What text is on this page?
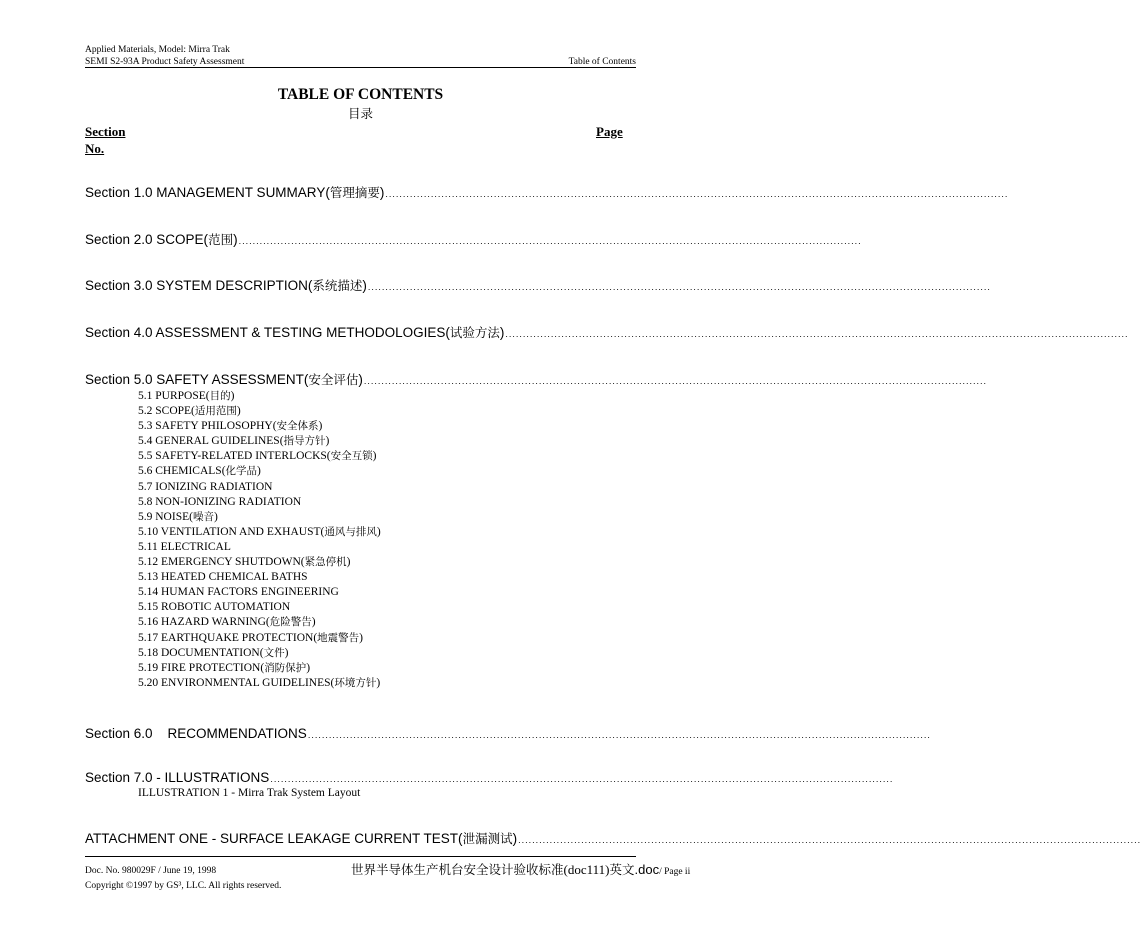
Applied Materials, Model: Mirra Trak
SEMI S2-93A Product Safety Assessment	Table of Contents
TABLE OF CONTENTS
目录
Section
No.
Page
Section 1.0 MANAGEMENT SUMMARY(管理摘要) ..................................................................................................................................................................................
Section 2.0 SCOPE(范围) ..................................................................................................................................................................................
Section 3.0 SYSTEM DESCRIPTION(系统描述) ..................................................................................................................................................................................
Section 4.0 ASSESSMENT & TESTING METHODOLOGIES(试验方法) ..................................................................................................................................................................................
Section 5.0 SAFETY ASSESSMENT(安全评估) ..................................................................................................................................................................................
5.1 PURPOSE(目的)
5.2 SCOPE(适用范围)
5.3 SAFETY PHILOSOPHY(安全体系)
5.4 GENERAL GUIDELINES(指导方针)
5.5 SAFETY-RELATED INTERLOCKS(安全互锁)
5.6 CHEMICALS(化学品)
5.7 IONIZING RADIATION
5.8 NON-IONIZING RADIATION
5.9 NOISE(噪音)
5.10 VENTILATION AND EXHAUST(通风与排风)
5.11 ELECTRICAL
5.12 EMERGENCY SHUTDOWN(紧急停机)
5.13 HEATED CHEMICAL BATHS
5.14 HUMAN FACTORS ENGINEERING
5.15 ROBOTIC AUTOMATION
5.16 HAZARD WARNING(危险警告)
5.17 EARTHQUAKE PROTECTION(地震警告)
5.18 DOCUMENTATION(文件)
5.19 FIRE PROTECTION(消防保护)
5.20 ENVIRONMENTAL GUIDELINES(环境方针)
Section 6.0    RECOMMENDATIONS ..................................................................................................................................................................................
Section 7.0 - ILLUSTRATIONS ..................................................................................................................................................................................
ILLUSTRATION 1 - Mirra Trak System Layout
ATTACHMENT ONE - SURFACE LEAKAGE CURRENT TEST(泄漏测试) ..................................................................................................................................................................................
Doc. No. 980029F / June 19, 1998
Copyright ©1997 by GS³, LLC. All rights reserved.
世界半导体生产机台安全设计验收标准(doc111)英文.doc/ Page ii
